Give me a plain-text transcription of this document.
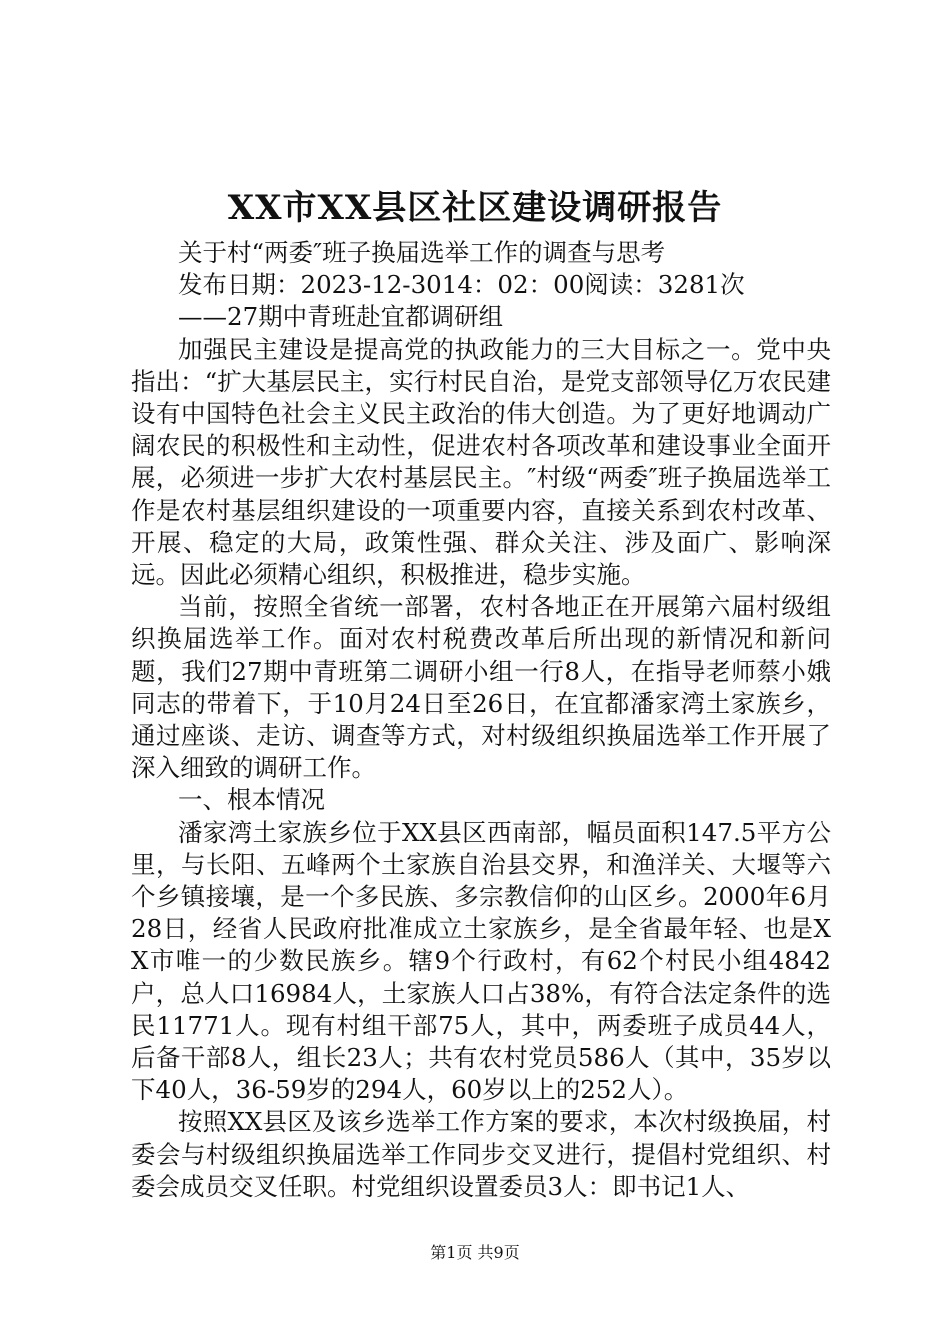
XX市XX县区社区建设调研报告

关于村“两委″班子换届选举工作的调查与思考

发布日期：2023-12-3014：02：00阅读：3281次

——27期中青班赴宜都调研组

加强民主建设是提高党的执政能力的三大目标之一。党中央指出：“扩大基层民主，实行村民自治，是党支部领导亿万农民建设有中国特色社会主义民主政治的伟大创造。为了更好地调动广阔农民的积极性和主动性，促进农村各项改革和建设事业全面开展，必须进一步扩大农村基层民主。″村级“两委″班子换届选举工作是农村基层组织建设的一项重要内容，直接关系到农村改革、开展、稳定的大局，政策性强、群众关注、涉及面广、影响深远。因此必须精心组织，积极推进，稳步实施。

当前，按照全省统一部署，农村各地正在开展第六届村级组织换届选举工作。面对农村税费改革后所出现的新情况和新问题，我们27期中青班第二调研小组一行8人，在指导老师蔡小娥同志的带着下，于10月24日至26日，在宜都潘家湾土家族乡，通过座谈、走访、调查等方式，对村级组织换届选举工作开展了深入细致的调研工作。

一、根本情况

潘家湾土家族乡位于XX县区西南部，幅员面积147.5平方公里，与长阳、五峰两个土家族自治县交界，和渔洋关、大堰等六个乡镇接壤，是一个多民族、多宗教信仰的山区乡。2000年6月28日，经省人民政府批准成立土家族乡，是全省最年轻、也是XX市唯一的少数民族乡。辖9个行政村，有62个村民小组4842户，总人口16984人，土家族人口占38%，有符合法定条件的选民11771人。现有村组干部75人，其中，两委班子成员44人，后备干部8人，组长23人；共有农村党员586人（其中，35岁以下40人，36-59岁的294人，60岁以上的252人）。

按照XX县区及该乡选举工作方案的要求，本次村级换届，村委会与村级组织换届选举工作同步交叉进行，提倡村党组织、村委会成员交叉任职。村党组织设置委员3人：即书记1人、

第1页 共9页
